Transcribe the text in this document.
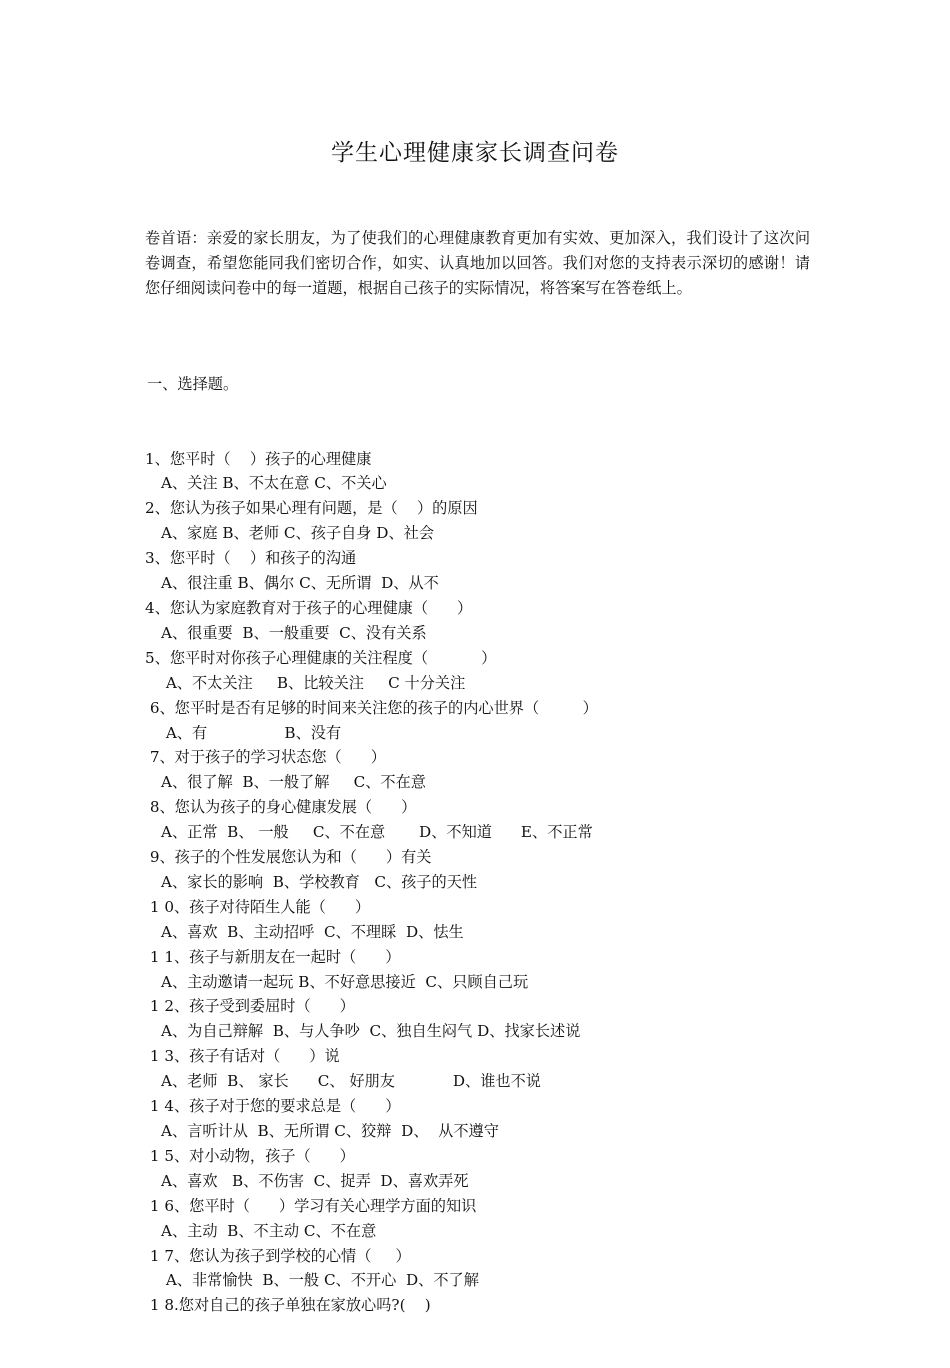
学生心理健康家长调查问卷
卷首语：亲爱的家长朋友，为了使我们的心理健康教育更加有实效、更加深入，我们设计了这次问卷调查，希望您能同我们密切合作，如实、认真地加以回答。我们对您的支持表示深切的感谢！请您仔细阅读问卷中的每一道题，根据自己孩子的实际情况，将答案写在答卷纸上。

一、选择题。

1、您平时（    ）孩子的心理健康
A、关注 B、不太在意 C、不关心
2、您认为孩子如果心理有问题，是（    ）的原因
A、家庭 B、老师 C、孩子自身 D、社会
3、您平时（    ）和孩子的沟通
A、很注重 B、偶尔 C、无所谓  D、从不
4、您认为家庭教育对于孩子的心理健康（      ）
A、很重要  B、一般重要  C、没有关系
5、您平时对你孩子心理健康的关注程度（           ）
A、不太关注     B、比较关注     C 十分关注
6、您平时是否有足够的时间来关注您的孩子的内心世界（         ）
A、有                B、没有
7、对于孩子的学习状态您（      ）
A、很了解  B、一般了解     C、不在意
8、您认为孩子的身心健康发展（      ）
A、正常  B、 一般     C、不在意       D、不知道      E、不正常
9、孩子的个性发展您认为和（      ）有关
A、家长的影响  B、学校教育   C、孩子的天性
1 0、孩子对待陌生人能（      ）
A、喜欢  B、主动招呼  C、不理睬  D、怯生
1 1、孩子与新朋友在一起时（      ）
A、主动邀请一起玩 B、不好意思接近  C、只顾自己玩
1 2、孩子受到委屈时（      ）
A、为自己辩解  B、与人争吵  C、独自生闷气 D、找家长述说
1 3、孩子有话对（      ）说
A、老师  B、 家长      C、 好朋友            D、谁也不说
1 4、孩子对于您的要求总是（      ）
A、言听计从  B、无所谓 C、狡辩  D、  从不遵守
1 5、对小动物，孩子（      ）
A、喜欢   B、不伤害  C、捉弄  D、喜欢弄死
1 6、您平时（      ）学习有关心理学方面的知识
A、主动  B、不主动 C、不在意
1 7、您认为孩子到学校的心情（     ）
A、非常愉快  B、一般 C、不开心  D、不了解
1 8.您对自己的孩子单独在家放心吗?(    )
